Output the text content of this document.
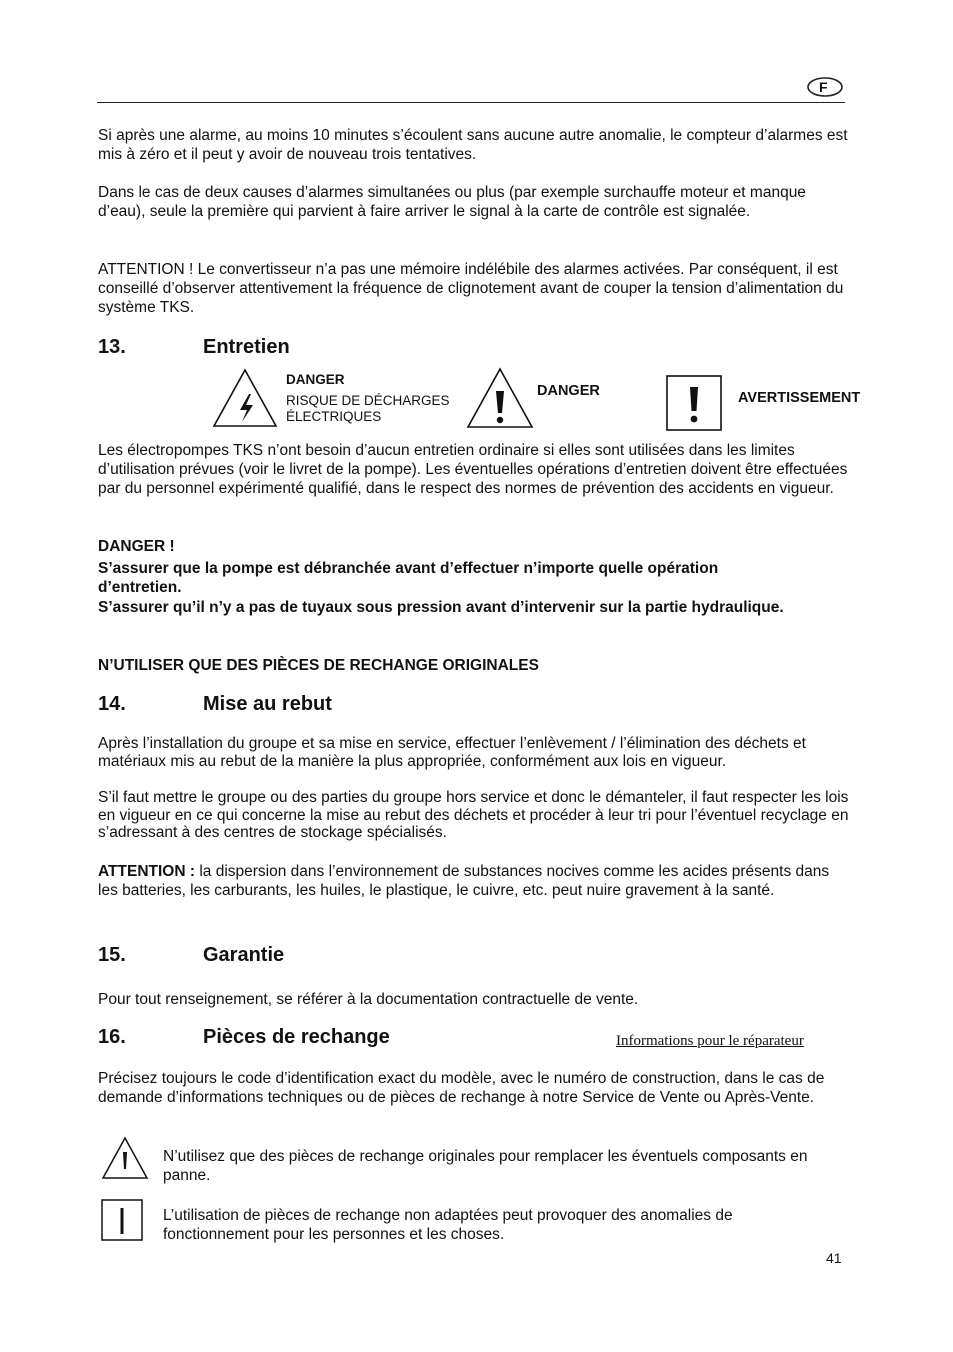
F

Si après une alarme, au moins 10 minutes s’écoulent sans aucune autre anomalie, le compteur d’alarmes est mis à zéro et il peut y avoir de nouveau trois tentatives.

Dans le cas de deux causes d’alarmes simultanées ou plus (par exemple surchauffe moteur et manque d’eau), seule la première qui parvient à faire arriver le signal à la carte de contrôle est signalée.

ATTENTION ! Le convertisseur n’a pas une mémoire indélébile des alarmes activées. Par conséquent, il est conseillé d’observer attentivement la fréquence de clignotement avant de couper la tension d’alimentation du système TKS.

13.	Entretien
DANGER
RISQUE DE DÉCHARGES
ÉLECTRIQUES
DANGER	AVERTISSEMENT

Les électropompes TKS n’ont besoin d’aucun entretien ordinaire si elles sont utilisées dans les limites d’utilisation prévues (voir le livret de la pompe). Les éventuelles opérations d’entretien doivent être effectuées par du personnel expérimenté qualifié, dans le respect des normes de prévention des accidents en vigueur.

DANGER !

S’assurer que la pompe est débranchée avant d’effectuer n’importe quelle opération d’entretien.

S’assurer qu’il n’y a pas de tuyaux sous pression avant d’intervenir sur la partie hydraulique.

N’UTILISER QUE DES PIÈCES DE RECHANGE ORIGINALES

14.	Mise au rebut

Après l’installation du groupe et sa mise en service, effectuer l’enlèvement / l’élimination des déchets et matériaux mis au rebut de la manière la plus appropriée, conformément aux lois en vigueur.

S’il faut mettre le groupe ou des parties du groupe hors service et donc le démanteler, il faut respecter les lois en vigueur en ce qui concerne la mise au rebut des déchets et procéder à leur tri pour l’éventuel recyclage en s’adressant à des centres de stockage spécialisés.

ATTENTION : la dispersion dans l’environnement de substances nocives comme les acides présents dans les batteries, les carburants, les huiles, le plastique, le cuivre, etc. peut nuire gravement à la santé.

15.	Garantie

Pour tout renseignement, se référer à la documentation contractuelle de vente.

16.	Pièces de rechange	Informations pour le réparateur

Précisez toujours le code d’identification exact du modèle, avec le numéro de construction, dans le cas de demande d’informations techniques ou de pièces de rechange à notre Service de Vente ou Après-Vente.

N’utilisez que des pièces de rechange originales pour remplacer les éventuels composants en panne.

L’utilisation de pièces de rechange non adaptées peut provoquer des anomalies de fonctionnement pour les personnes et les choses.

41
